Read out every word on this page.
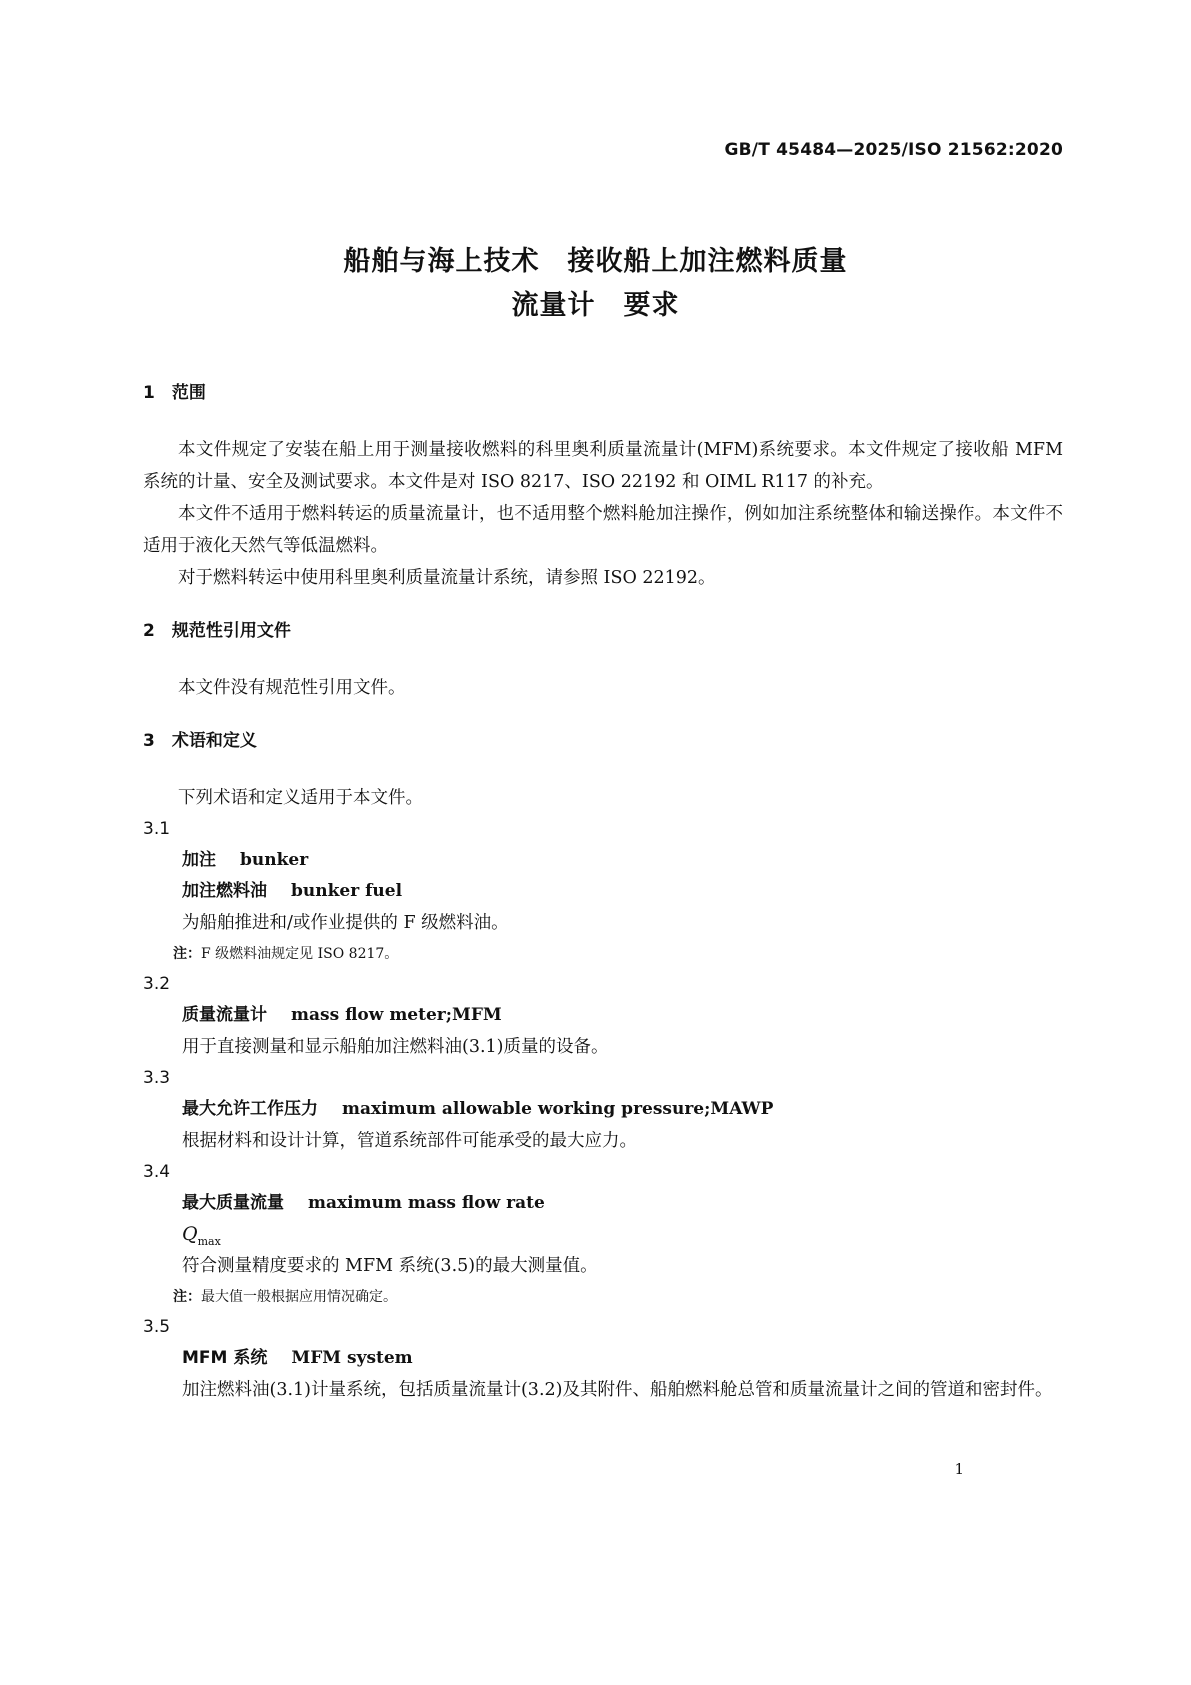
GB/T 45484—2025/ISO 21562:2020
船舶与海上技术　接收船上加注燃料质量
流量计　要求
1　范围

本文件规定了安装在船上用于测量接收燃料的科里奥利质量流量计(MFM)系统要求。本文件规定了接收船 MFM 系统的计量、安全及测试要求。本文件是对 ISO 8217、ISO 22192 和 OIML R117 的补充。

本文件不适用于燃料转运的质量流量计，也不适用整个燃料舱加注操作，例如加注系统整体和输送操作。本文件不适用于液化天然气等低温燃料。

对于燃料转运中使用科里奥利质量流量计系统，请参照 ISO 22192。

2　规范性引用文件

本文件没有规范性引用文件。

3　术语和定义

下列术语和定义适用于本文件。

3.1
加注 bunker
加注燃料油 bunker fuel

为船舶推进和/或作业提供的 F 级燃料油。

注：F 级燃料油规定见 ISO 8217。
3.2
质量流量计 mass flow meter;MFM

用于直接测量和显示船舶加注燃料油(3.1)质量的设备。

3.3
最大允许工作压力 maximum allowable working pressure;MAWP

根据材料和设计计算，管道系统部件可能承受的最大应力。

3.4
最大质量流量 maximum mass flow rate
$Q_{max}$

符合测量精度要求的 MFM 系统(3.5)的最大测量值。

注：最大值一般根据应用情况确定。
3.5
MFM 系统 MFM system

加注燃料油(3.1)计量系统，包括质量流量计(3.2)及其附件、船舶燃料舱总管和质量流量计之间的管道和密封件。

1
